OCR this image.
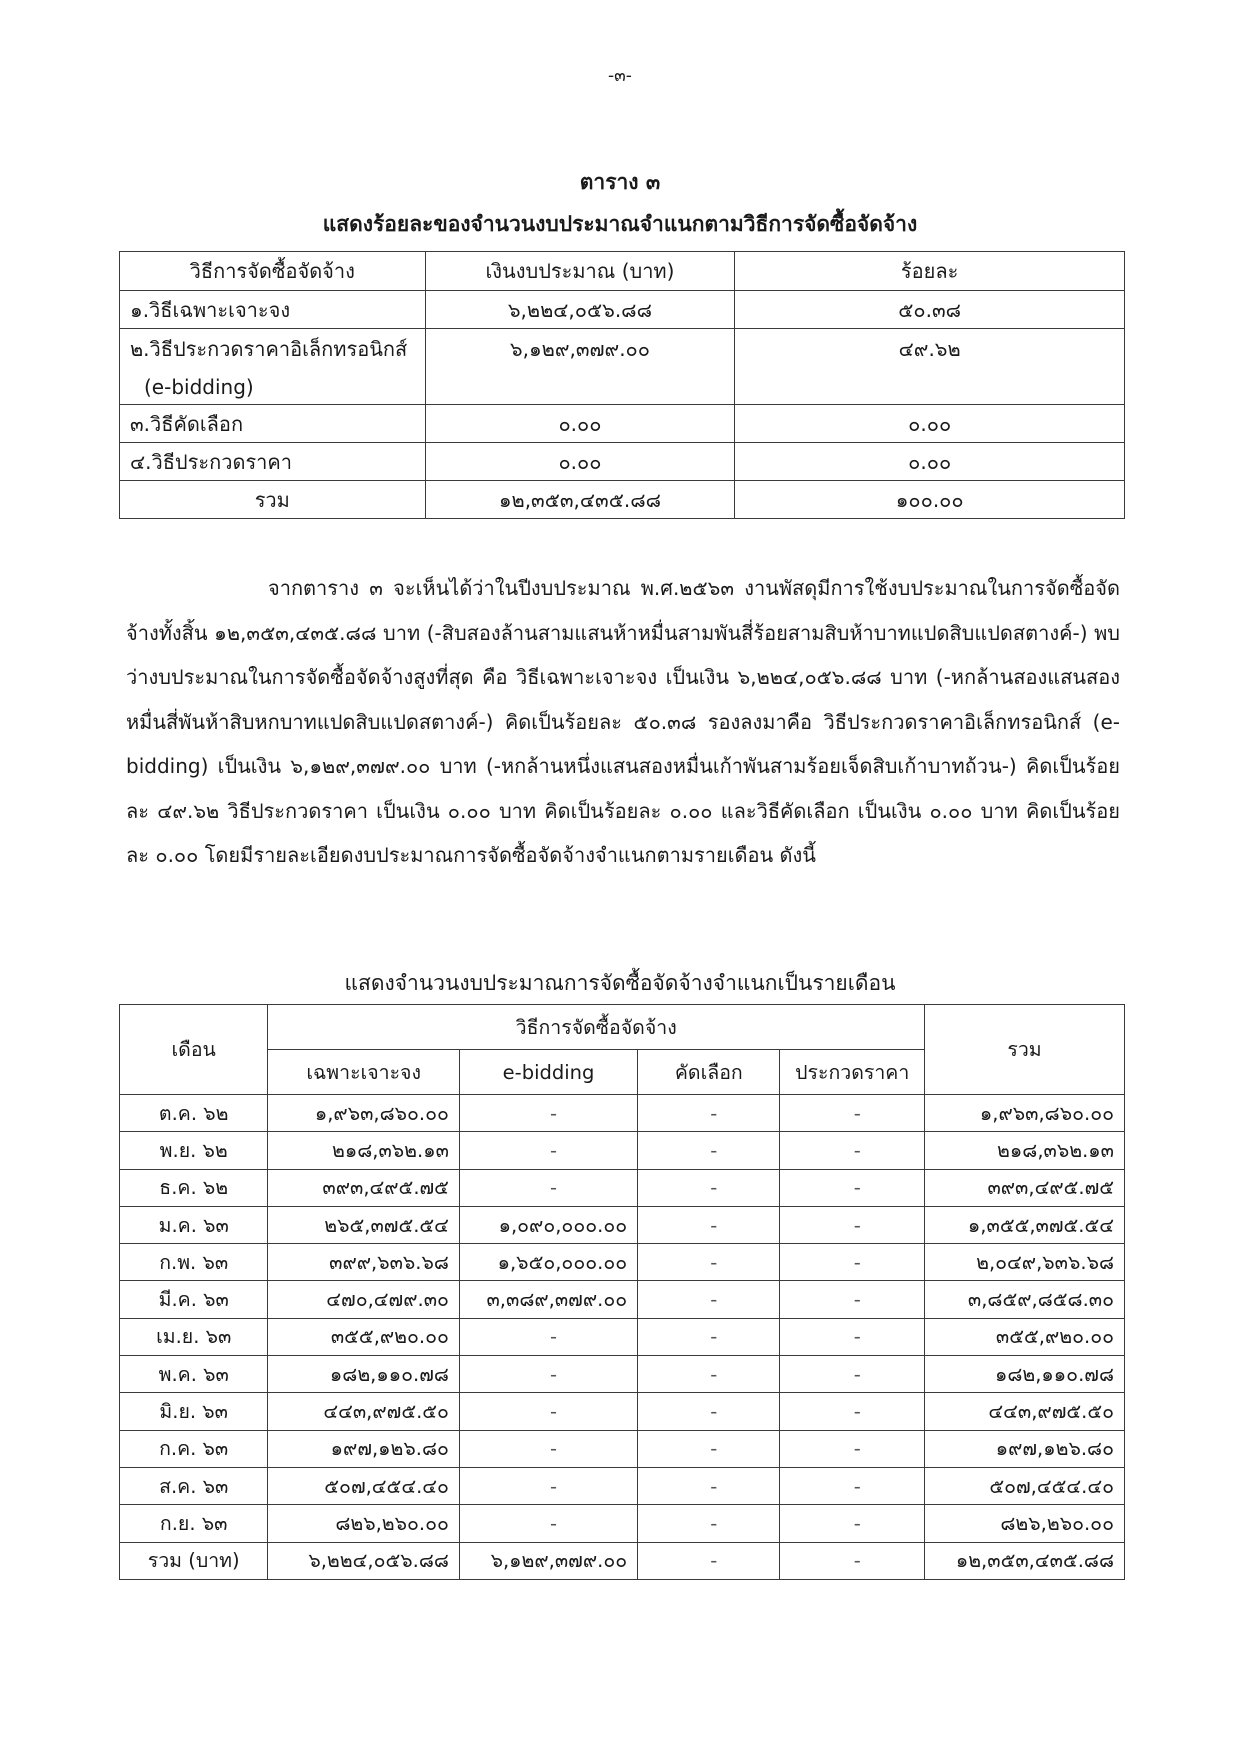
-๓-
ตาราง ๓
แสดงร้อยละของจำนวนงบประมาณจำแนกตามวิธีการจัดซื้อจัดจ้าง
วิธีการจัดซื้อจัดจ้าง	เงินงบประมาณ (บาท)	ร้อยละ
๑.วิธีเฉพาะเจาะจง	๖,๒๒๔,๐๕๖.๘๘	๕๐.๓๘
๒.วิธีประกวดราคาอิเล็กทรอนิกส์
(e-bidding)	๖,๑๒๙,๓๗๙.๐๐	๔๙.๖๒
๓.วิธีคัดเลือก	๐.๐๐	๐.๐๐
๔.วิธีประกวดราคา	๐.๐๐	๐.๐๐
รวม	๑๒,๓๕๓,๔๓๕.๘๘	๑๐๐.๐๐

จากตาราง ๓ จะเห็นได้ว่าในปีงบประมาณ พ.ศ.๒๕๖๓ งานพัสดุมีการใช้งบประมาณในการจัดซื้อจัดจ้างทั้งสิ้น ๑๒,๓๕๓,๔๓๕.๘๘ บาท (-สิบสองล้านสามแสนห้าหมื่นสามพันสี่ร้อยสามสิบห้าบาทแปดสิบแปดสตางค์-) พบว่างบประมาณในการจัดซื้อจัดจ้างสูงที่สุด คือ วิธีเฉพาะเจาะจง เป็นเงิน ๖,๒๒๔,๐๕๖.๘๘ บาท (-หกล้านสองแสนสองหมื่นสี่พันห้าสิบหกบาทแปดสิบแปดสตางค์-) คิดเป็นร้อยละ ๕๐.๓๘ รองลงมาคือ วิธีประกวดราคาอิเล็กทรอนิกส์ (e-bidding) เป็นเงิน ๖,๑๒๙,๓๗๙.๐๐ บาท (-หกล้านหนึ่งแสนสองหมื่นเก้าพันสามร้อยเจ็ดสิบเก้าบาทถ้วน-) คิดเป็นร้อยละ ๔๙.๖๒ วิธีประกวดราคา เป็นเงิน ๐.๐๐ บาท คิดเป็นร้อยละ ๐.๐๐ และวิธีคัดเลือก เป็นเงิน ๐.๐๐ บาท คิดเป็นร้อยละ ๐.๐๐ โดยมีรายละเอียดงบประมาณการจัดซื้อจัดจ้างจำแนกตามรายเดือน ดังนี้

แสดงจำนวนงบประมาณการจัดซื้อจัดจ้างจำแนกเป็นรายเดือน
เดือน	วิธีการจัดซื้อจัดจ้าง				รวม
	เฉพาะเจาะจง	e-bidding	คัดเลือก	ประกวดราคา	
ต.ค. ๖๒	๑,๙๖๓,๘๖๐.๐๐	-	-	-	๑,๙๖๓,๘๖๐.๐๐
พ.ย. ๖๒	๒๑๘,๓๖๒.๑๓	-	-	-	๒๑๘,๓๖๒.๑๓
ธ.ค. ๖๒	๓๙๓,๔๙๕.๗๕	-	-	-	๓๙๓,๔๙๕.๗๕
ม.ค. ๖๓	๒๖๕,๓๗๕.๕๔	๑,๐๙๐,๐๐๐.๐๐	-	-	๑,๓๕๕,๓๗๕.๕๔
ก.พ. ๖๓	๓๙๙,๖๓๖.๖๘	๑,๖๕๐,๐๐๐.๐๐	-	-	๒,๐๔๙,๖๓๖.๖๘
มี.ค. ๖๓	๔๗๐,๔๗๙.๓๐	๓,๓๘๙,๓๗๙.๐๐	-	-	๓,๘๕๙,๘๕๘.๓๐
เม.ย. ๖๓	๓๕๕,๙๒๐.๐๐	-	-	-	๓๕๕,๙๒๐.๐๐
พ.ค. ๖๓	๑๘๒,๑๑๐.๗๘	-	-	-	๑๘๒,๑๑๐.๗๘
มิ.ย. ๖๓	๔๔๓,๙๗๕.๕๐	-	-	-	๔๔๓,๙๗๕.๕๐
ก.ค. ๖๓	๑๙๗,๑๒๖.๘๐	-	-	-	๑๙๗,๑๒๖.๘๐
ส.ค. ๖๓	๕๐๗,๔๕๔.๔๐	-	-	-	๕๐๗,๔๕๔.๔๐
ก.ย. ๖๓	๘๒๖,๒๖๐.๐๐	-	-	-	๘๒๖,๒๖๐.๐๐
รวม (บาท)	๖,๒๒๔,๐๕๖.๘๘	๖,๑๒๙,๓๗๙.๐๐	-	-	๑๒,๓๕๓,๔๓๕.๘๘
